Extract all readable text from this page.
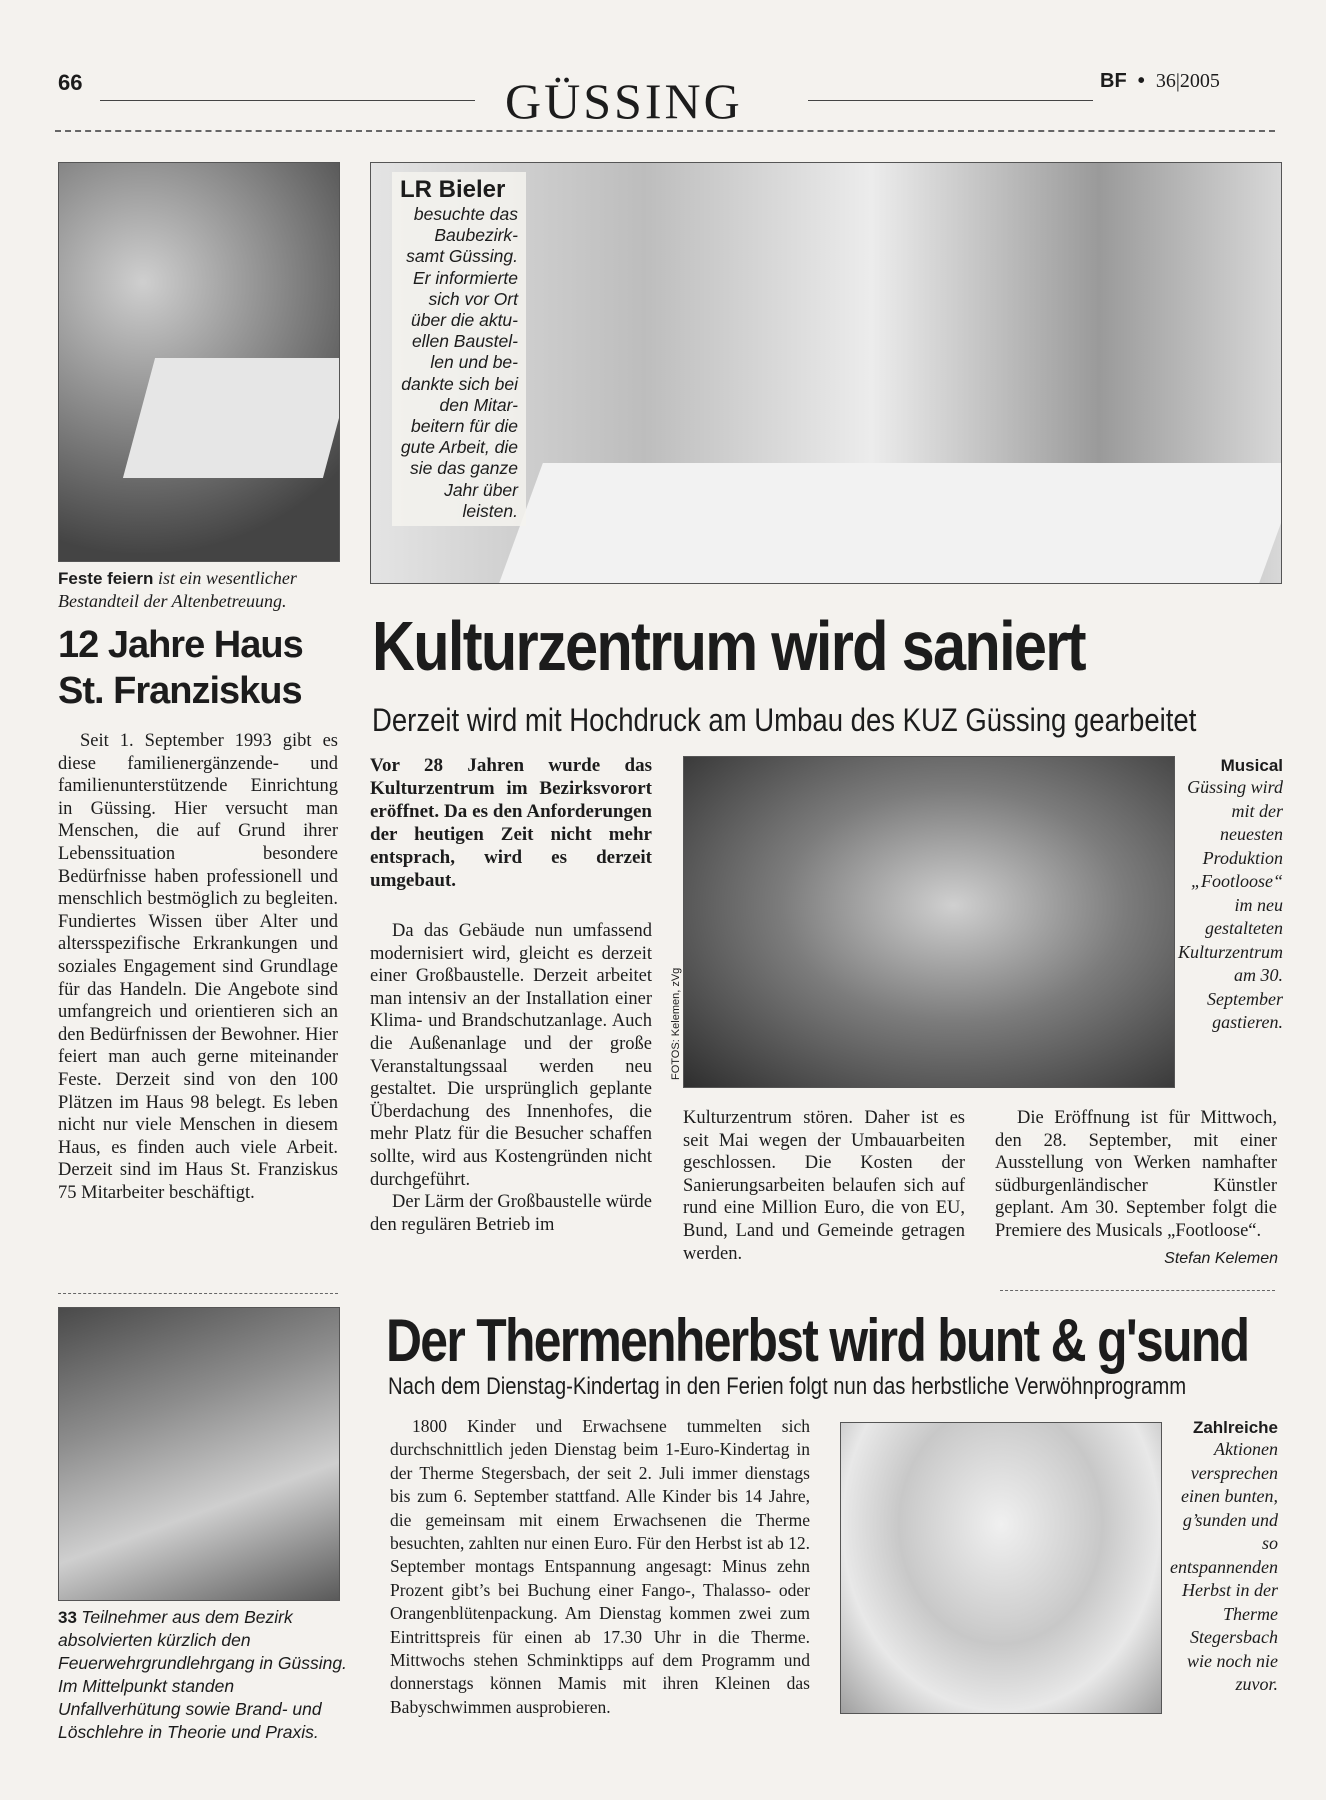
66	GÜSSING	BF  •  36|2005
Feste feiern ist ein wesentlicher Bestandteil der Altenbetreuung.
LR Bieler
besuchte das Baubezirk-samt Güssing. Er informierte sich vor Ort über die aktu-ellen Baustel-len und be-dankte sich bei den Mitar-beitern für die gute Arbeit, die sie das ganze Jahr über leisten.
12 Jahre Haus
St. Franziskus

Seit 1. September 1993 gibt es diese familienergänzende- und familienunterstützende Einrichtung in Güssing. Hier versucht man Menschen, die auf Grund ihrer Lebenssituation besondere Bedürfnisse haben professionell und menschlich bestmöglich zu begleiten. Fundiertes Wissen über Alter und altersspezifische Erkrankungen und soziales Engagement sind Grundlage für das Handeln. Die Angebote sind umfangreich und orientieren sich an den Bedürfnissen der Bewohner. Hier feiert man auch gerne miteinander Feste. Derzeit sind von den 100 Plätzen im Haus 98 belegt. Es leben nicht nur viele Menschen in diesem Haus, es finden auch viele Arbeit. Derzeit sind im Haus St. Franziskus 75 Mitarbeiter beschäftigt.

Kulturzentrum wird saniert
Derzeit wird mit Hochdruck am Umbau des KUZ Güssing gearbeitet
Vor 28 Jahren wurde das Kulturzentrum im Bezirksvorort eröffnet. Da es den Anforderungen der heutigen Zeit nicht mehr entsprach, wird es derzeit umgebaut.

Da das Gebäude nun umfassend modernisiert wird, gleicht es derzeit einer Großbaustelle. Derzeit arbeitet man intensiv an der Installation einer Klima- und Brandschutzanlage. Auch die Außenanlage und der große Veranstaltungssaal werden neu gestaltet. Die ursprünglich geplante Überdachung des Innenhofes, die mehr Platz für die Besucher schaffen sollte, wird aus Kostengründen nicht durchgeführt.

Der Lärm der Großbaustelle würde den regulären Betrieb im

FOTOS: Kelemen, zVg
Musical
Güssing wird mit der neuesten Produktion „Footloose“ im neu gestalteten Kulturzentrum am 30. September gastieren.

Kulturzentrum stören. Daher ist es seit Mai wegen der Umbauarbeiten geschlossen. Die Kosten der Sanierungsarbeiten belaufen sich auf rund eine Million Euro, die von EU, Bund, Land und Gemeinde getragen werden.

Die Eröffnung ist für Mittwoch, den 28. September, mit einer Ausstellung von Werken namhafter südburgenländischer Künstler geplant. Am 30. September folgt die Premiere des Musicals „Footloose“.

Stefan Kelemen
33 Teilnehmer aus dem Bezirk absolvierten kürzlich den Feuerwehrgrundlehrgang in Güssing. Im Mittelpunkt standen Unfallverhütung sowie Brand- und Löschlehre in Theorie und Praxis.
Der Thermenherbst wird bunt & g'sund
Nach dem Dienstag-Kindertag in den Ferien folgt nun das herbstliche Verwöhnprogramm

1800 Kinder und Erwachsene tummelten sich durchschnittlich jeden Dienstag beim 1-Euro-Kindertag in der Therme Stegersbach, der seit 2. Juli immer dienstags bis zum 6. September stattfand. Alle Kinder bis 14 Jahre, die gemeinsam mit einem Erwachsenen die Therme besuchten, zahlten nur einen Euro. Für den Herbst ist ab 12. September montags Entspannung angesagt: Minus zehn Prozent gibt’s bei Buchung einer Fango-, Thalasso- oder Orangenblütenpackung. Am Dienstag kommen zwei zum Eintrittspreis für einen ab 17.30 Uhr in die Therme. Mittwochs stehen Schminktipps auf dem Programm und donnerstags können Mamis mit ihren Kleinen das Babyschwimmen ausprobieren.

Zahlreiche
Aktionen versprechen einen bunten, g’sunden und so entspannenden Herbst in der Therme Stegersbach wie noch nie zuvor.
